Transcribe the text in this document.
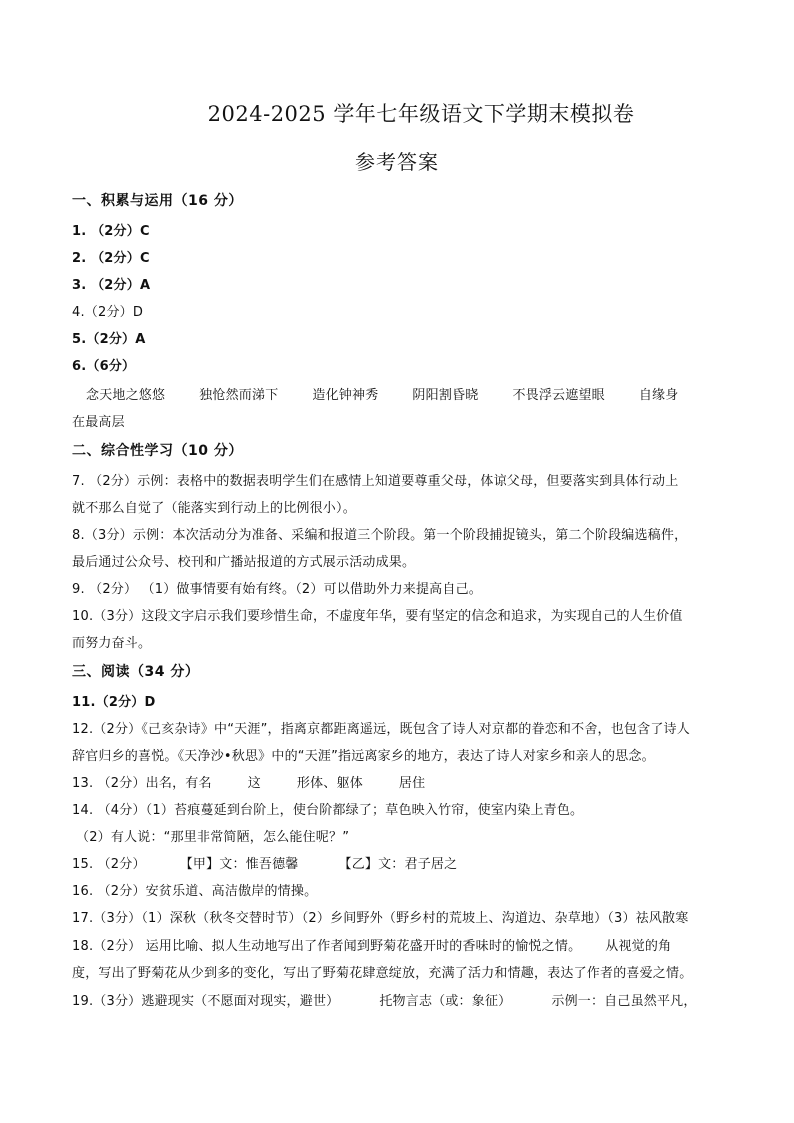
2024-2025 学年七年级语文下学期末模拟卷
参考答案
一、积累与运用（16 分）
1. （2分）C
2. （2分）C
3. （2分）A
4.（2分）D
5.（2分）A
6.（6分）
念天地之悠悠	独怆然而涕下	造化钟神秀	阴阳割昏晓	不畏浮云遮望眼	自缘身
在最高层
二、综合性学习（10 分）
7. （2分）示例：表格中的数据表明学生们在感情上知道要尊重父母，体谅父母，但要落实到具体行动上
就不那么自觉了（能落实到行动上的比例很小）。
8.（3分）示例：本次活动分为准备、采编和报道三个阶段。第一个阶段捕捉镜头，第二个阶段编选稿件，
最后通过公众号、校刊和广播站报道的方式展示活动成果。
9. （2分） （1）做事情要有始有终。（2）可以借助外力来提高自己。
10.（3分）这段文字启示我们要珍惜生命，不虚度年华，要有坚定的信念和追求，为实现自己的人生价值
而努力奋斗。
三、阅读（34 分）
11.（2分）D
12.（2分）《己亥杂诗》中“天涯”，指离京都距离遥远，既包含了诗人对京都的眷恋和不舍，也包含了诗人
辞官归乡的喜悦。《天净沙•秋思》中的“天涯”指远离家乡的地方，表达了诗人对家乡和亲人的思念。
13. （2分）出名，有名	这	形体、躯体	居住
14. （4分）（1）苔痕蔓延到台阶上，使台阶都绿了；草色映入竹帘，使室内染上青色。
（2）有人说：“那里非常简陋，怎么能住呢？”
15. （2分）	【甲】文：惟吾德馨	【乙】文：君子居之
16. （2分）安贫乐道、高洁傲岸的情操。
17.（3分）（1）深秋（秋冬交替时节）（2）乡间野外（野乡村的荒坡上、沟道边、杂草地）（3）祛风散寒
18.（2分） 运用比喻、拟人生动地写出了作者闻到野菊花盛开时的香味时的愉悦之情。 从视觉的角
度，写出了野菊花从少到多的变化，写出了野菊花肆意绽放，充满了活力和情趣，表达了作者的喜爱之情。
19.（3分）逃避现实（不愿面对现实，避世）	托物言志（或：象征）	示例一：自己虽然平凡，
